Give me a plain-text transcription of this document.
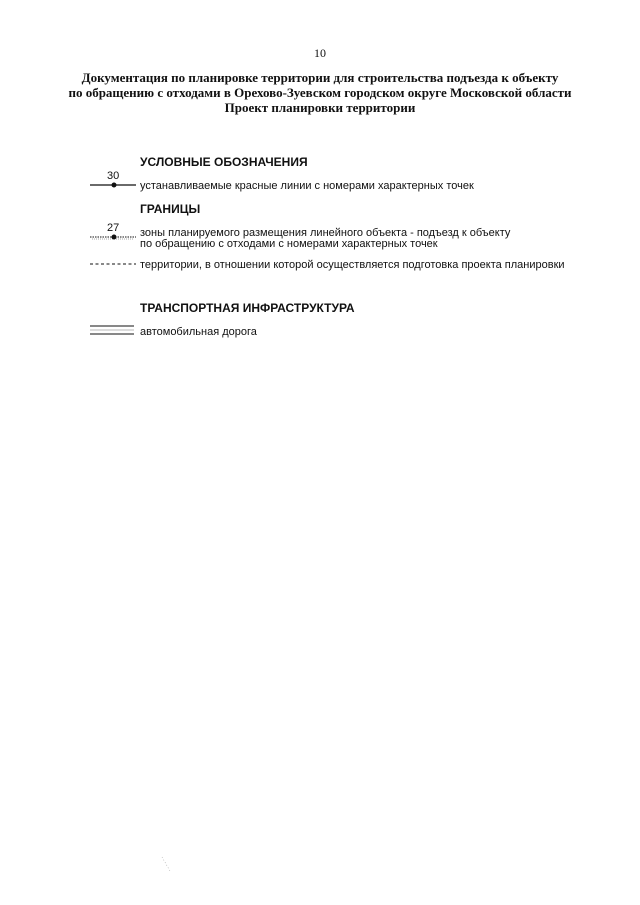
10
Документация по планировке территории для строительства подъезда к объекту
по обращению с отходами в Орехово-Зуевском городском округе Московской области
Проект планировки территории
УСЛОВНЫЕ ОБОЗНАЧЕНИЯ
30
устанавливаемые красные линии с номерами характерных точек
ГРАНИЦЫ
27 зоны планируемого размещения линейного объекта - подъезд к объекту
по обращению с отходами с номерами характерных точек
территории, в отношении которой осуществляется подготовка проекта планировки
ТРАНСПОРТНАЯ ИНФРАСТРУКТУРА
автомобильная дорога
